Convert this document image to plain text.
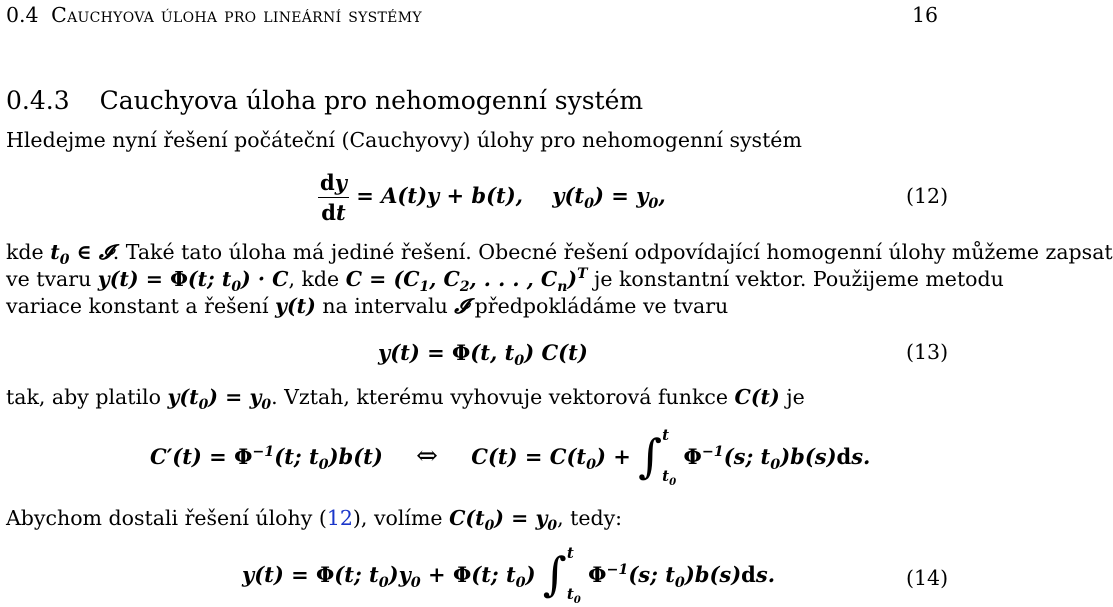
0.4 Cauchyova úloha pro lineární systémy	16
0.4.3 Cauchyova úloha pro nehomogenní systém
Hledejme nyní řešení počáteční (Cauchyovy) úlohy pro nehomogenní systém
$\frac{dy}{dt} = A(t)y + b(t)$,    $y(t_0) = y_0$,	(12)
kde $t_0$ ∈ 𝓘. Také tato úloha má jediné řešení. Obecné řešení odpovídající homogenní úlohy můžeme zapsat
ve tvaru y(t) = Φ(t; $t_0) \cdot C$, kde $C = (C_1$, $C_2$, . . . , $C_n)^T$ je konstantní vektor. Použijeme metodu
variace konstant a řešení y(t) na intervalu 𝓘 předpokládáme ve tvaru
y(t) = Φ(t, $t_0$) C(t)	(13)
tak, aby platilo $y(t_0) = y_0$. Vztah, kterému vyhovuje vektorová funkce C(t) je
$C'(t) = \Phi^{-1}(t$; $t_0)b(t)$ ⇔ $C(t) = C(t_0)$ + ∫ t
$t_0$
$\Phi^{-1}(s$; $t_0)b(s)ds$.
Abychom dostali řešení úlohy (12), volíme $C(t_0) = y_0$, tedy:
y(t) = Φ(t; $t_0)y_0 + \Phi(t$; $t_0$) ∫ t
$t_0$
$\Phi^{-1}(s$; $t_0)b(s)ds$.	(14)
